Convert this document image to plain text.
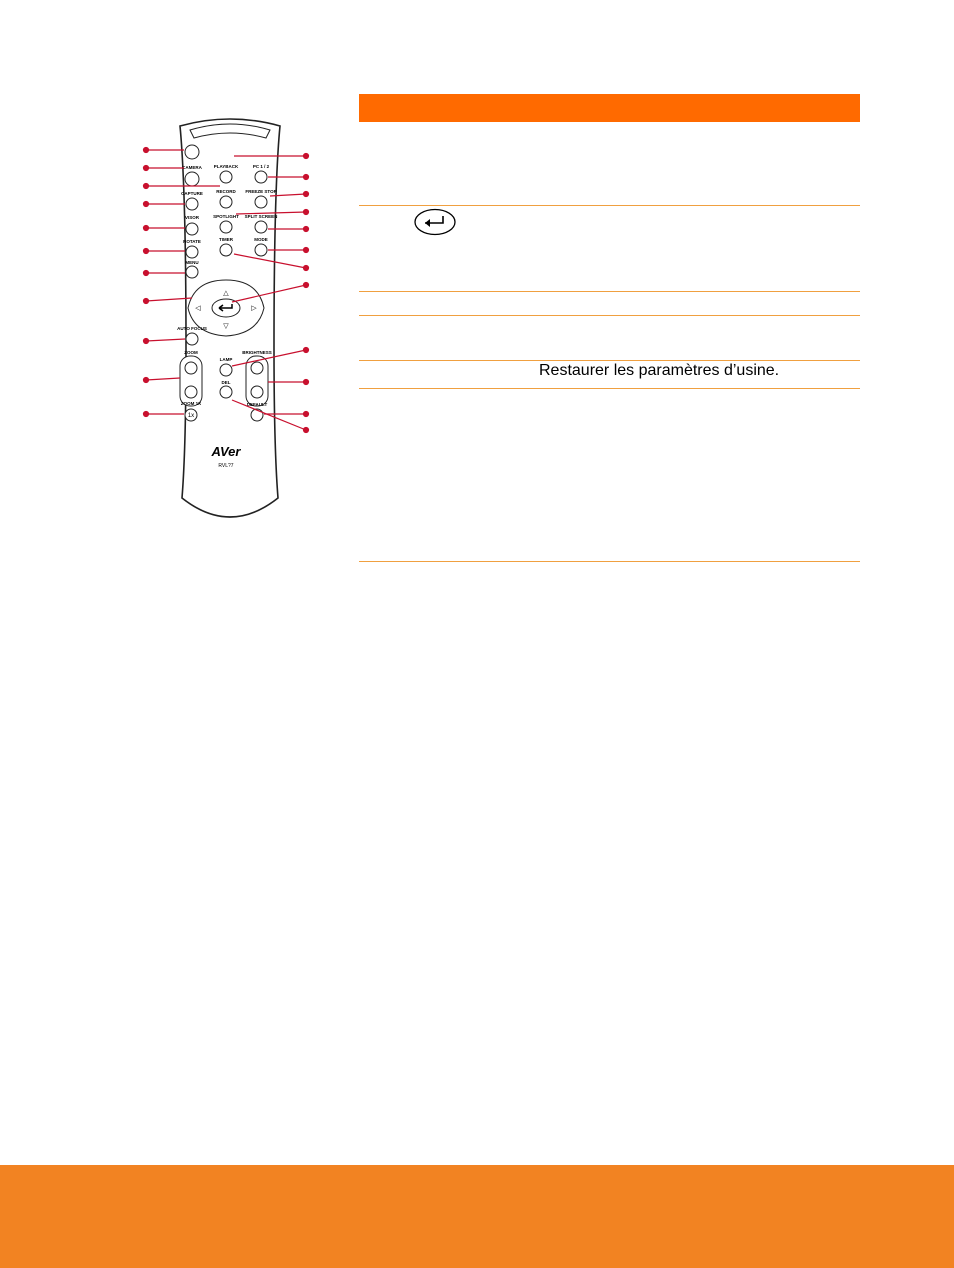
△
▽
◁	▷
CAMERA	PLAYBACK	PC 1 / 2
CAPTURE	RECORD FREEZE STOP
VISOR	SPOTLIGHT SPLIT SCREEN
ROTATE	TIMER	MODE
MENU
AUTO FOCUS
ZOOM
LAMP
BRIGHTNESS
DEL
ZOOM 1X	DEFAULT
1x
AVer
RVL?7
Restaurer les paramètres d’usine.
